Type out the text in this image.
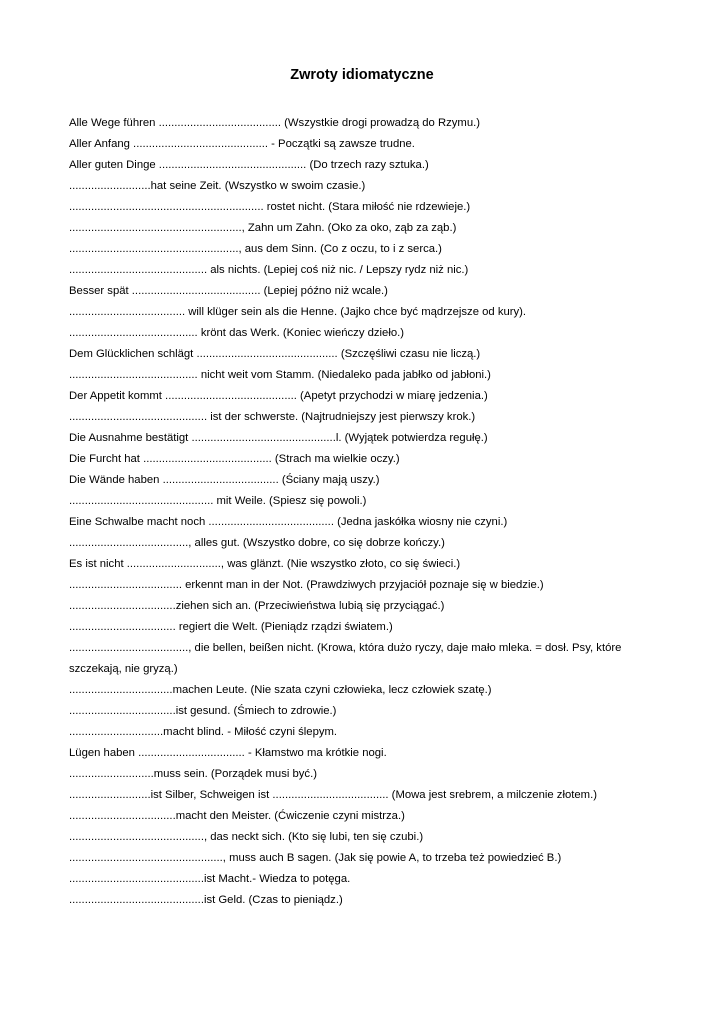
Zwroty idiomatyczne
Alle Wege führen ....................................... (Wszystkie drogi prowadzą do Rzymu.)
Aller Anfang ........................................... - Początki są zawsze trudne.
Aller guten Dinge ............................................... (Do trzech razy sztuka.)
..........................hat seine Zeit. (Wszystko w swoim czasie.)
.............................................................. rostet nicht. (Stara miłość nie rdzewieje.)
......................................................., Zahn um Zahn. (Oko za oko, ząb za ząb.)
......................................................, aus dem Sinn. (Co z oczu, to i z serca.)
............................................ als nichts. (Lepiej coś niż nic. / Lepszy rydz niż nic.)
Besser spät ......................................... (Lepiej późno niż wcale.)
..................................... will klüger sein als die Henne. (Jajko chce być mądrzejsze od kury).
......................................... krönt das Werk. (Koniec wieńczy dzieło.)
Dem Glücklichen schlägt ............................................. (Szczęśliwi czasu nie liczą.)
......................................... nicht weit vom Stamm. (Niedaleko pada jabłko od jabłoni.)
Der Appetit kommt .......................................... (Apetyt przychodzi w miarę jedzenia.)
............................................ ist der schwerste. (Najtrudniejszy jest pierwszy krok.)
Die Ausnahme bestätigt ..............................................l. (Wyjątek potwierdza regułę.)
Die Furcht hat ......................................... (Strach ma wielkie oczy.)
Die Wände haben ..................................... (Ściany mają uszy.)
.............................................. mit Weile. (Spiesz się powoli.)
Eine Schwalbe macht noch ........................................ (Jedna jaskółka wiosny nie czyni.)
......................................, alles gut. (Wszystko dobre, co się dobrze kończy.)
Es ist nicht .............................., was glänzt. (Nie wszystko złoto, co się świeci.)
.................................... erkennt man in der Not. (Prawdziwych przyjaciół poznaje się w biedzie.)
..................................ziehen sich an. (Przeciwieństwa lubią się przyciągać.)
.................................. regiert die Welt. (Pieniądz rządzi światem.)
......................................, die bellen, beißen nicht. (Krowa, która dużo ryczy, daje mało mleka. = dosł. Psy, które szczekają, nie gryzą.)
.................................machen Leute. (Nie szata czyni człowieka, lecz człowiek szatę.)
..................................ist gesund. (Śmiech to zdrowie.)
..............................macht blind. - Miłość czyni ślepym.
Lügen haben .................................. - Kłamstwo ma krótkie nogi.
...........................muss sein. (Porządek musi być.)
..........................ist Silber, Schweigen ist ..................................... (Mowa jest srebrem, a milczenie złotem.)
..................................macht den Meister. (Ćwiczenie czyni mistrza.)
..........................................., das neckt sich. (Kto się lubi, ten się czubi.)
................................................., muss auch B sagen. (Jak się powie A, to trzeba też powiedzieć B.)
...........................................ist Macht.- Wiedza to potęga.
...........................................ist Geld. (Czas to pieniądz.)
